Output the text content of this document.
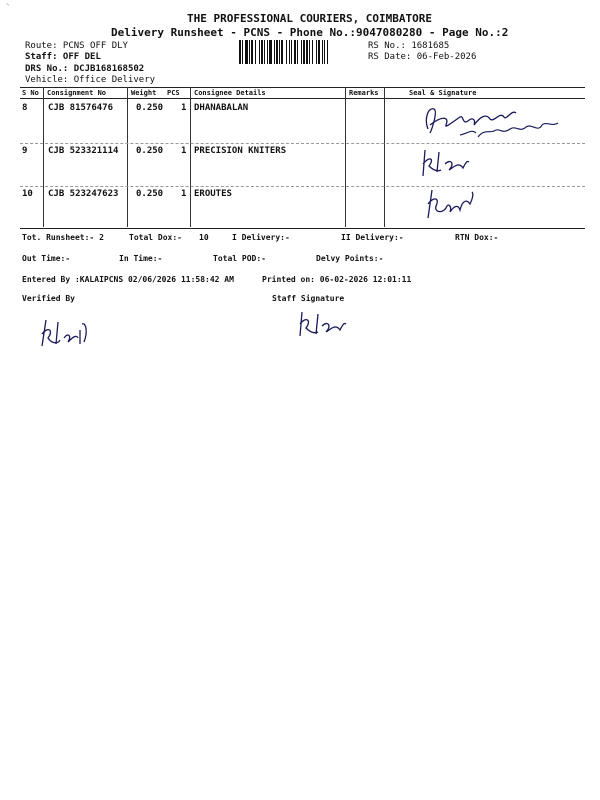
⸌
THE PROFESSIONAL COURIERS, COIMBATORE
Delivery Runsheet - PCNS - Phone No.:9047080280 - Page No.:2
Route: PCNS OFF DLY
Staff: OFF DEL
DRS No.: DCJB168168502
Vehicle: Office Delivery
RS No.: 1681685
RS Date: 06-Feb-2026
S No Consignment No	Weight PCS Consignee Details	Remarks	Seal & Signature
8 CJB 81576476	0.250 1 DHANABALAN
9 CJB 523321114 0.250 1 PRECISION KNITERS
10 CJB 523247623 0.250 1 EROUTES
Tot. Runsheet:- 2	Total Dox:- 10	I Delivery:-	II Delivery:-	RTN Dox:-
Out Time:-	In Time:-	Total POD:-	Delvy Points:-
Entered By :KALAIPCNS 02/06/2026 11:58:42 AM	Printed on: 06-02-2026 12:01:11
Verified By	Staff Signature
